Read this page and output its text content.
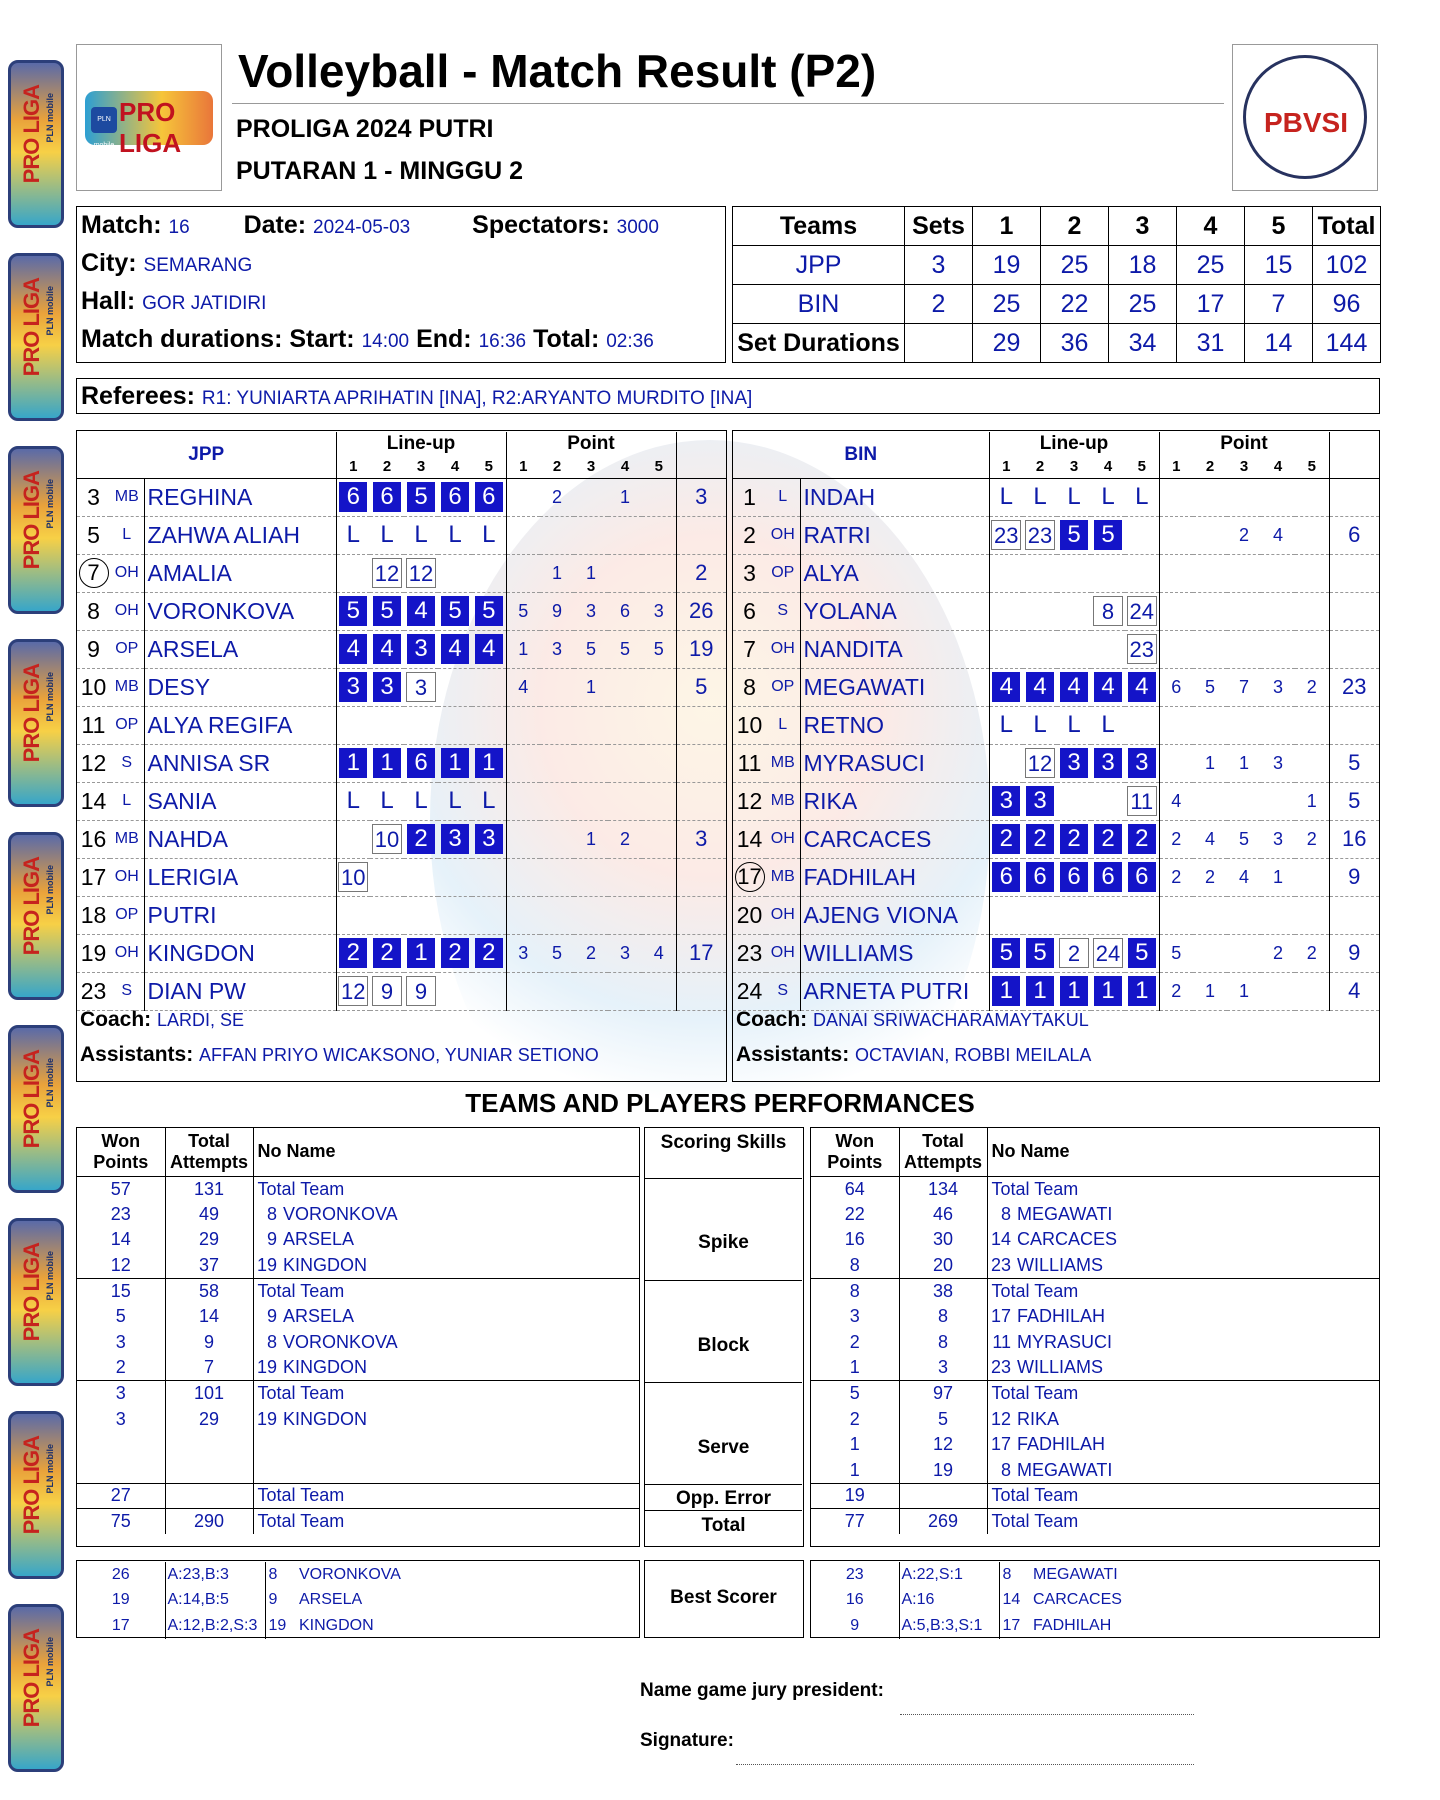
PRO LIGA PLN mobile
PRO LIGA PLN mobile
PRO LIGA PLN mobile
PRO LIGA PLN mobile
PRO LIGA PLN mobile
PRO LIGA PLN mobile
PRO LIGA PLN mobile
PRO LIGA PLN mobile
PRO LIGA PLN mobile
PLN mobile
PRO LIGA
Volleyball - Match Result (P2)
PROLIGA 2024 PUTRI
PUTARAN 1 - MINGGU 2
PBVSI
Match: 16 Date: 2024-05-03 Spectators: 3000
City: SEMARANG
Hall: GOR JATIDIRI
Match durations: Start: 14:00 End: 16:36 Total: 02:36
Teams	Sets	1	2	3	4	5	Total
JPP	3	19	25	18	25	15	102
BIN	2	25	22	25	17	7	96
Set Durations		29	36	34	31	14	144
Referees: R1: YUNIARTA APRIHATIN [INA], R2:ARYANTO MURDITO [INA]
JPP			Line-up					Point					
			1	2	3	4	5	1	2	3	4	5	
3	MB	REGHINA	6	6	5	6	6		2		1		3
5	L	ZAHWA ALIAH	L	L	L	L	L						
7	OH	AMALIA		12	12				1	1			2
8	OH	VORONKOVA	5	5	4	5	5	5	9	3	6	3	26
9	OP	ARSELA	4	4	3	4	4	1	3	5	5	5	19
10	MB	DESY	3	3	3			4		1			5
11	OP	ALYA REGIFA											
12	S	ANNISA SR	1	1	6	1	1						
14	L	SANIA	L	L	L	L	L						
16	MB	NAHDA		10	2	3	3			1	2		3
17	OH	LERIGIA	10										
18	OP	PUTRI											
19	OH	KINGDON	2	2	1	2	2	3	5	2	3	4	17
23	S	DIAN PW	12	9	9								
BIN			Line-up					Point					
			1	2	3	4	5	1	2	3	4	5	
1	L	INDAH	L	L	L	L	L						
2	OH	RATRI	23	23	5	5				2	4		6
3	OP	ALYA											
6	S	YOLANA				8	24						
7	OH	NANDITA					23						
8	OP	MEGAWATI	4	4	4	4	4	6	5	7	3	2	23
10	L	RETNO	L	L	L	L							
11	MB	MYRASUCI		12	3	3	3		1	1	3		5
12	MB	RIKA	3	3			11	4				1	5
14	OH	CARCACES	2	2	2	2	2	2	4	5	3	2	16
17	MB	FADHILAH	6	6	6	6	6	2	2	4	1		9
20	OH	AJENG VIONA											
23	OH	WILLIAMS	5	5	2	24	5	5			2	2	9
24	S	ARNETA PUTRI	1	1	1	1	1	2	1	1			4
Coach: LARDI, SE
Assistants: AFFAN PRIYO WICAKSONO, YUNIAR SETIONO
Coach: DANAI SRIWACHARAMAYTAKUL
Assistants: OCTAVIAN, ROBBI MEILALA
TEAMS AND PLAYERS PERFORMANCES
Won Points	Total Attempts	No Name	
57	131	Total Team	
23	49	8	VORONKOVA
14	29	9	ARSELA
12	37	19	KINGDON
15	58	Total Team	
5	14	9	ARSELA
3	9	8	VORONKOVA
2	7	19	KINGDON
3	101	Total Team	
3	29	19	KINGDON

27		Total Team	
75	290	Total Team	
Scoring Skills
Spike
Block
Serve
Opp. Error
Total
Won Points	Total Attempts	No Name	
64	134	Total Team	
22	46	8	MEGAWATI
16	30	14	CARCACES
8	20	23	WILLIAMS
8	38	Total Team	
3	8	17	FADHILAH
2	8	11	MYRASUCI
1	3	23	WILLIAMS
5	97	Total Team	
2	5	12	RIKA
1	12	17	FADHILAH
1	19	8	MEGAWATI
19		Total Team	
77	269	Total Team	
26	A:23,B:3	8	VORONKOVA
19	A:14,B:5	9	ARSELA
17	A:12,B:2,S:3	19	KINGDON
Best Scorer
23	A:22,S:1	8	MEGAWATI
16	A:16	14	CARCACES
9	A:5,B:3,S:1	17	FADHILAH
Name game jury president:
Signature:
